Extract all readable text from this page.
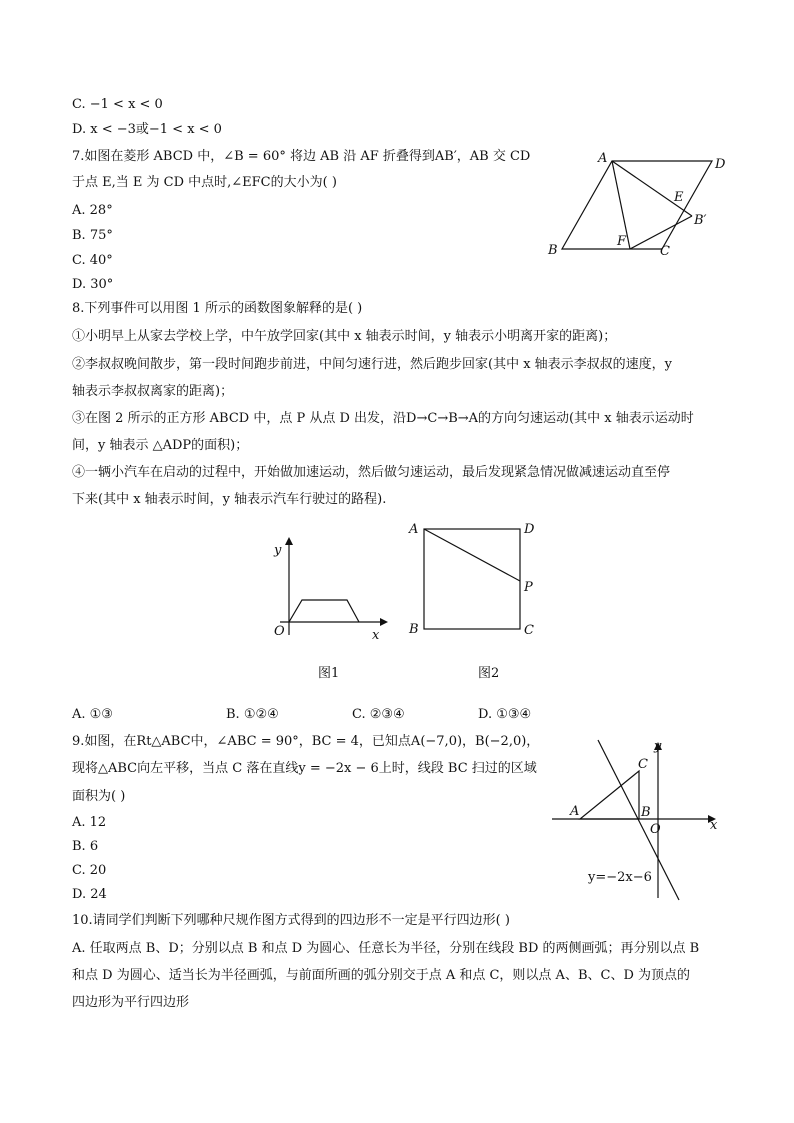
C. −1 < x < 0
D. x < −3或−1 < x < 0
7.如图在菱形 ABCD 中，∠B = 60° 将边 AB 沿 AF 折叠得到AB′，AB 交 CD
于点 E,当 E 为 CD 中点时,∠EFC的大小为( )
A. 28°
B. 75°
C. 40°
D. 30°
A	D
B	C
E
F
B′
8.下列事件可以用图 1 所示的函数图象解释的是( )
①小明早上从家去学校上学，中午放学回家(其中 x 轴表示时间，y 轴表示小明离开家的距离)；
②李叔叔晚间散步，第一段时间跑步前进，中间匀速行进，然后跑步回家(其中 x 轴表示李叔叔的速度，y
轴表示李叔叔离家的距离)；
③在图 2 所示的正方形 ABCD 中，点 P 从点 D 出发，沿D→C→B→A的方向匀速运动(其中 x 轴表示运动时
间，y 轴表示 △ADP的面积)；
④一辆小汽车在启动的过程中，开始做加速运动，然后做匀速运动，最后发现紧急情况做减速运动直至停
下来(其中 x 轴表示时间，y 轴表示汽车行驶过的路程).
O	x
y
图1
A	D
B	C
P
图2
A. ①③	B. ①②④	C. ②③④	D. ①③④
9.如图，在Rt△ABC中，∠ABC = 90°，BC = 4，已知点A(−7,0)，B(−2,0)，
现将△ABC向左平移，当点 C 落在直线y = −2x − 6上时，线段 BC 扫过的区域
面积为( )
A. 12
B. 6
C. 20
D. 24
A	B
C
O	x
y
y=−2x−6
10.请同学们判断下列哪种尺规作图方式得到的四边形不一定是平行四边形( )
A. 任取两点 B、D；分别以点 B 和点 D 为圆心、任意长为半径，分别在线段 BD 的两侧画弧；再分别以点 B
和点 D 为圆心、适当长为半径画弧，与前面所画的弧分别交于点 A 和点 C，则以点 A、B、C、D 为顶点的
四边形为平行四边形
